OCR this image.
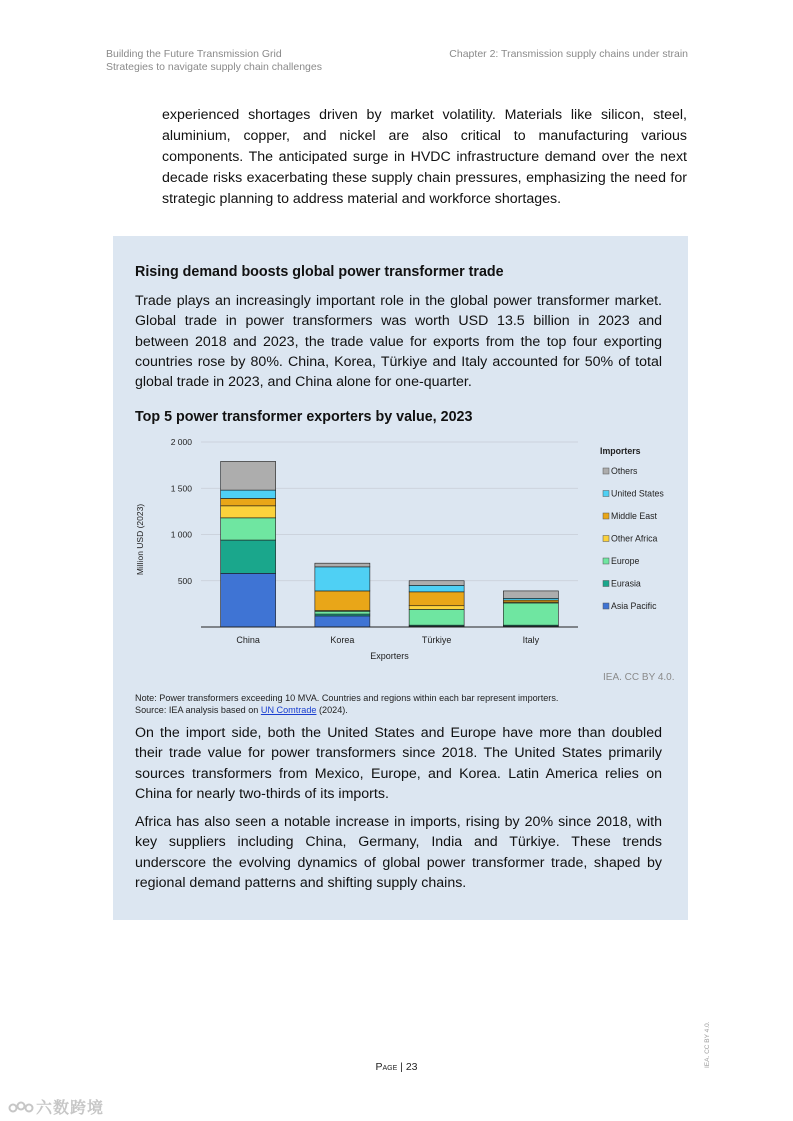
Building the Future Transmission Grid
Strategies to navigate supply chain challenges
Chapter 2: Transmission supply chains under strain

experienced shortages driven by market volatility. Materials like silicon, steel, aluminium, copper, and nickel are also critical to manufacturing various components. The anticipated surge in HVDC infrastructure demand over the next decade risks exacerbating these supply chain pressures, emphasizing the need for strategic planning to address material and workforce shortages.

Rising demand boosts global power transformer trade

Trade plays an increasingly important role in the global power transformer market. Global trade in power transformers was worth USD 13.5 billion in 2023 and between 2018 and 2023, the trade value for exports from the top four exporting countries rose by 80%. China, Korea, Türkiye and Italy accounted for 50% of total global trade in 2023, and China alone for one-quarter.

Top 5 power transformer exporters by value, 2023
500
1 000
1 500
2 000
China	Korea	Türkiye	Italy
Exporters
Million USD (2023)
Importers
Others
United States
Middle East
Other Africa
Europe
Eurasia
Asia Pacific
IEA. CC BY 4.0.
Note: Power transformers exceeding 10 MVA. Countries and regions within each bar represent importers.
Source: IEA analysis based on UN Comtrade (2024).

On the import side, both the United States and Europe have more than doubled their trade value for power transformers since 2018. The United States primarily sources transformers from Mexico, Europe, and Korea. Latin America relies on China for nearly two-thirds of its imports.

Africa has also seen a notable increase in imports, rising by 20% since 2018, with key suppliers including China, Germany, India and Türkiye. These trends underscore the evolving dynamics of global power transformer trade, shaped by regional demand patterns and shifting supply chains.

Page | 23	IEA. CC BY 4.0.
六数跨境
